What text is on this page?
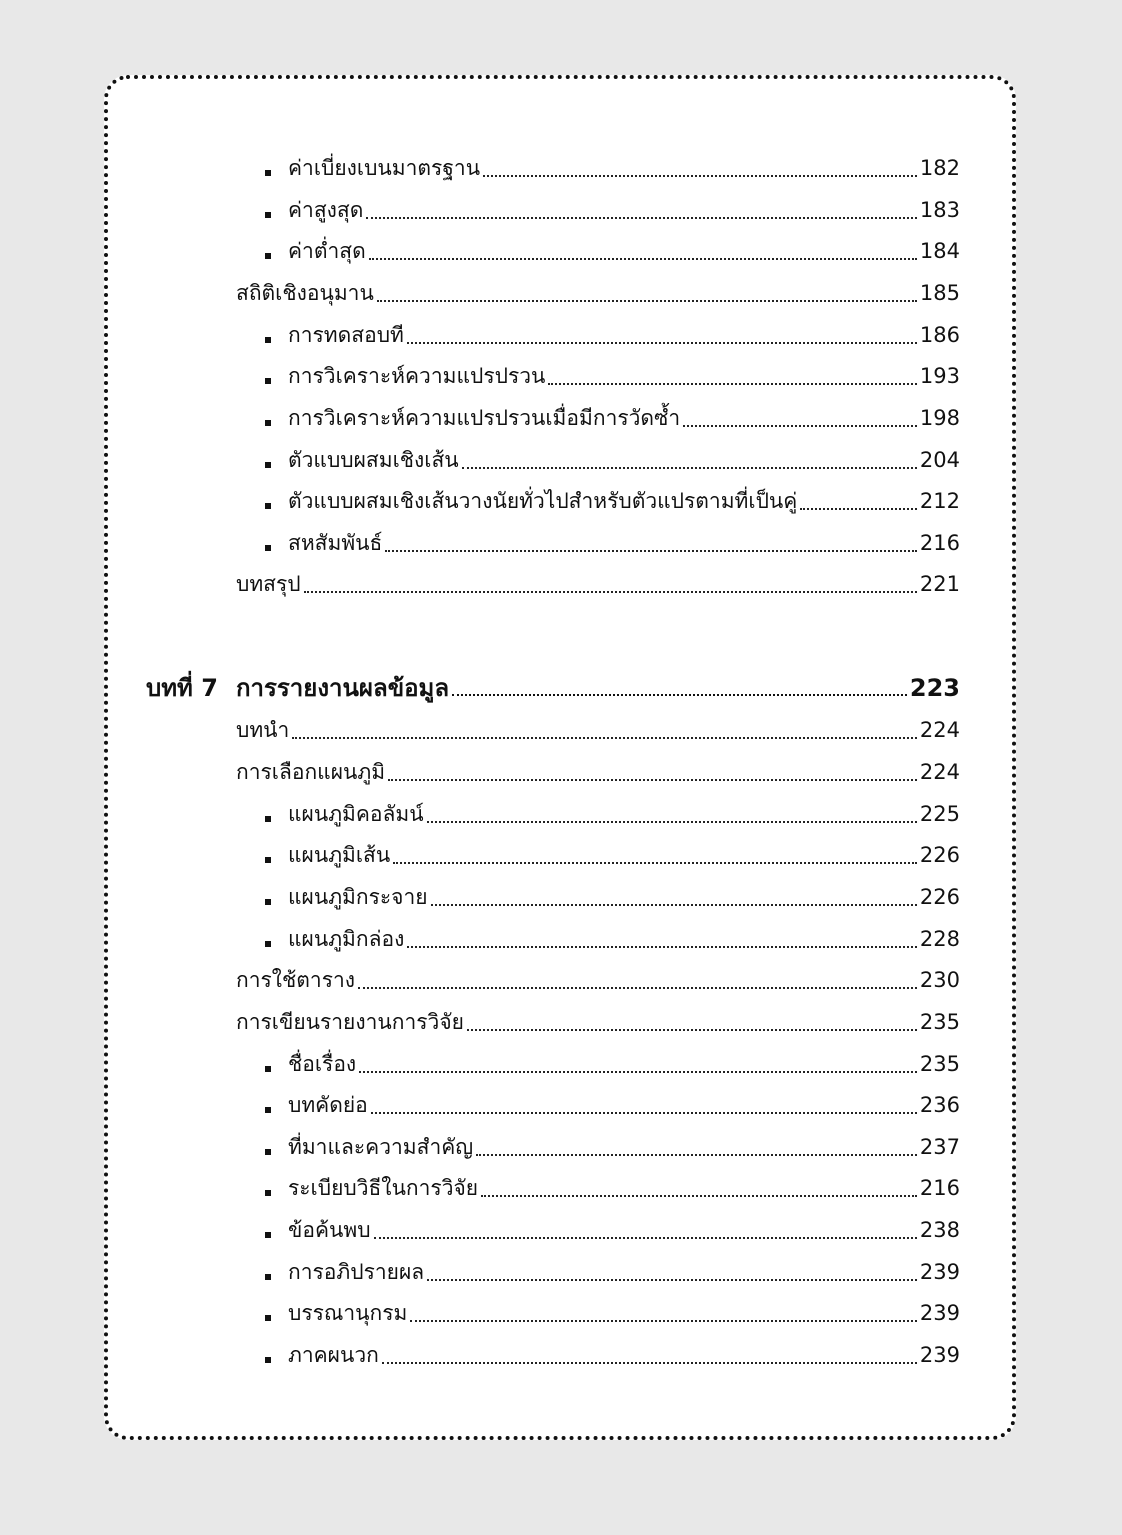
ค่าเบี่ยงเบนมาตรฐาน	182
ค่าสูงสุด	183
ค่าต่ำสุด	184
สถิติเชิงอนุมาน	185
การทดสอบที	186
การวิเคราะห์ความแปรปรวน	193
การวิเคราะห์ความแปรปรวนเมื่อมีการวัดซ้ำ	198
ตัวแบบผสมเชิงเส้น	204
ตัวแบบผสมเชิงเส้นวางนัยทั่วไปสำหรับตัวแปรตามที่เป็นคู่	212
สหสัมพันธ์	216
บทสรุป	221
บทที่ 7 การรายงานผลข้อมูล	223
บทนำ	224
การเลือกแผนภูมิ	224
แผนภูมิคอลัมน์	225
แผนภูมิเส้น	226
แผนภูมิกระจาย	226
แผนภูมิกล่อง	228
การใช้ตาราง	230
การเขียนรายงานการวิจัย	235
ชื่อเรื่อง	235
บทคัดย่อ	236
ที่มาและความสำคัญ	237
ระเบียบวิธีในการวิจัย	216
ข้อค้นพบ	238
การอภิปรายผล	239
บรรณานุกรม	239
ภาคผนวก	239
